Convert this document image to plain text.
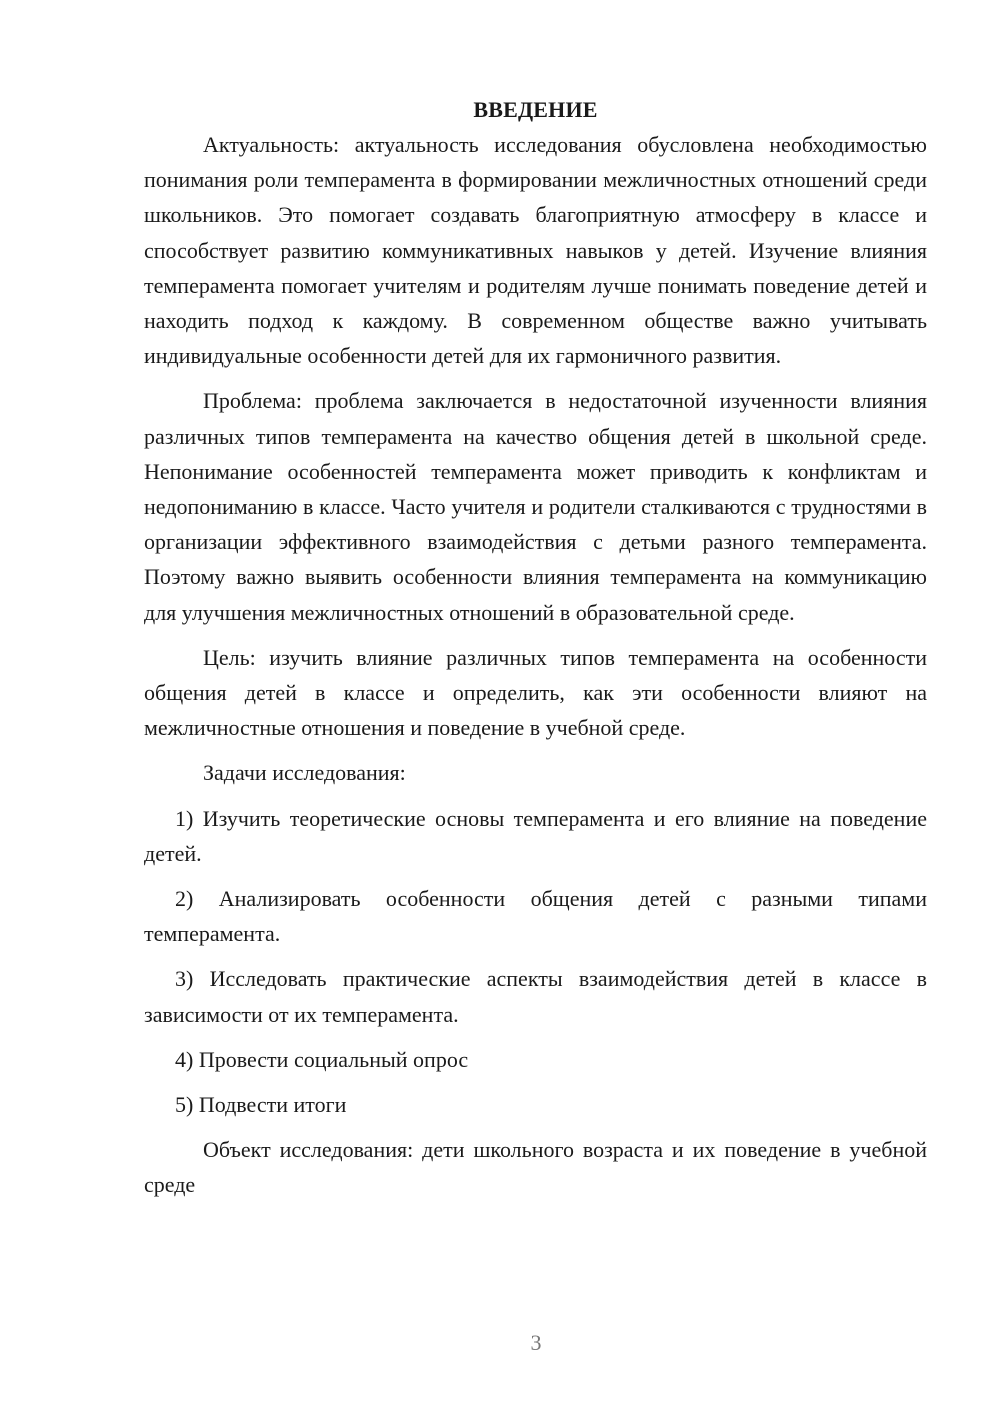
ВВЕДЕНИЕ

Актуальность: актуальность исследования обусловлена необходимостью понимания роли темперамента в формировании межличностных отношений среди школьников. Это помогает создавать благоприятную атмосферу в классе и способствует развитию коммуникативных навыков у детей. Изучение влияния темперамента помогает учителям и родителям лучше понимать поведение детей и находить подход к каждому. В современном обществе важно учитывать индивидуальные особенности детей для их гармоничного развития.

Проблема: проблема заключается в недостаточной изученности влияния различных типов темперамента на качество общения детей в школьной среде. Непонимание особенностей темперамента может приводить к конфликтам и недопониманию в классе. Часто учителя и родители сталкиваются с трудностями в организации эффективного взаимодействия с детьми разного темперамента. Поэтому важно выявить особенности влияния темперамента на коммуникацию для улучшения межличностных отношений в образовательной среде.

Цель: изучить влияние различных типов темперамента на особенности общения детей в классе и определить, как эти особенности влияют на межличностные отношения и поведение в учебной среде.

Задачи исследования:

1) Изучить теоретические основы темперамента и его влияние на поведение детей.

2) Анализировать особенности общения детей с разными типами темперамента.

3) Исследовать практические аспекты взаимодействия детей в классе в зависимости от их темперамента.

4) Провести социальный опрос

5) Подвести итоги

Объект исследования: дети школьного возраста и их поведение в учебной среде

3
